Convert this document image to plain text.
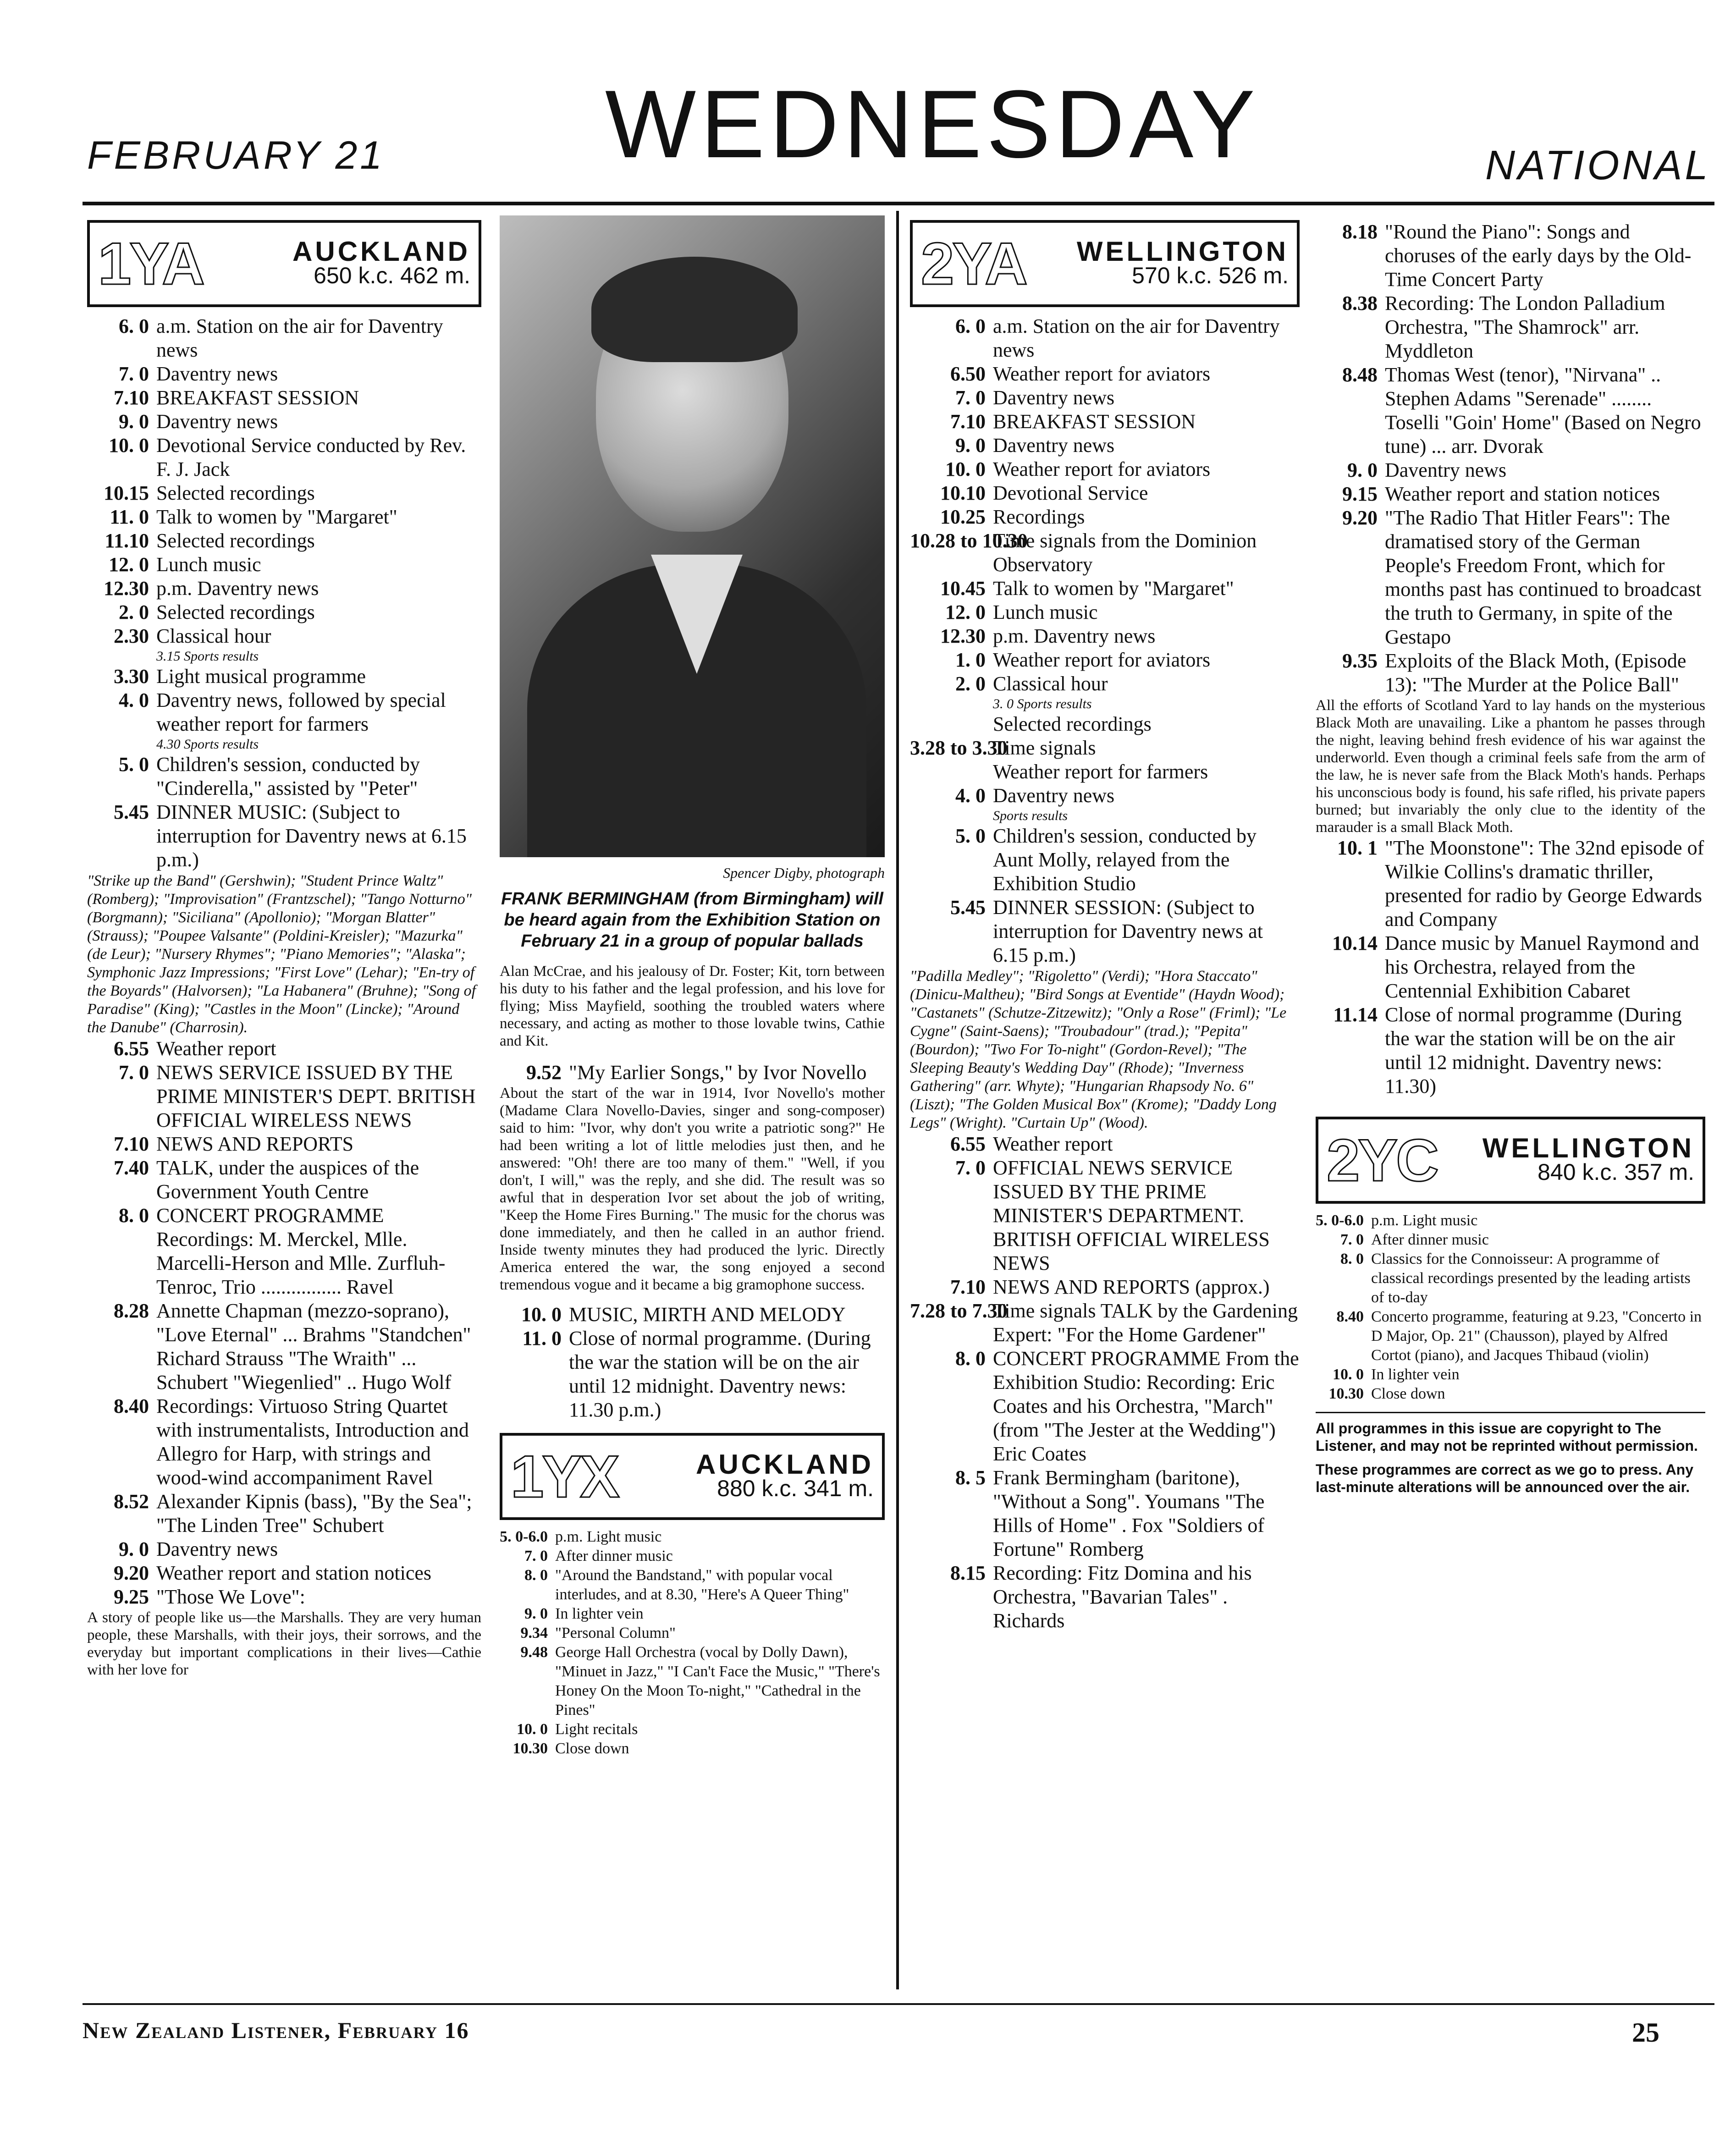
FEBRUARY 21 WEDNESDAY	NATIONAL
1YA	AUCKLAND
650 k.c. 462 m.
6. 0 a.m. Station on the air for Daventry news
7. 0 Daventry news
7.10 BREAKFAST SESSION
9. 0 Daventry news
10. 0 Devotional Service conducted by Rev. F. J. Jack
10.15 Selected recordings
11. 0 Talk to women by "Margaret"
11.10 Selected recordings
12. 0 Lunch music
12.30 p.m. Daventry news
2. 0 Selected recordings
2.30 Classical hour
3.15 Sports results
3.30 Light musical programme
4. 0 Daventry news, followed by special weather report for farmers
4.30 Sports results
5. 0 Children's session, conducted by "Cinderella," assisted by "Peter"
5.45 DINNER MUSIC: (Subject to interruption for Daventry news at 6.15 p.m.)
"Strike up the Band" (Gershwin); "Student Prince Waltz" (Romberg); "Improvisation" (Frantzschel); "Tango Notturno" (Borgmann); "Siciliana" (Apollonio); "Morgan Blatter" (Strauss); "Poupee Valsante" (Poldini-Kreisler); "Mazurka" (de Leur); "Nursery Rhymes"; "Piano Memories"; "Alaska"; Symphonic Jazz Impressions; "First Love" (Lehar); "En-try of the Boyards" (Halvorsen); "La Habanera" (Bruhne); "Song of Paradise" (King); "Castles in the Moon" (Lincke); "Around the Danube" (Charrosin).
6.55 Weather report
7. 0 NEWS SERVICE ISSUED BY THE PRIME MINISTER'S DEPT. BRITISH OFFICIAL WIRELESS NEWS
7.10 NEWS AND REPORTS
7.40 TALK, under the auspices of the Government Youth Centre
8. 0 CONCERT PROGRAMME Recordings: M. Merckel, Mlle. Marcelli-Herson and Mlle. Zurfluh-Tenroc, Trio ................ Ravel
8.28 Annette Chapman (mezzo-soprano), "Love Eternal" ... Brahms "Standchen" Richard Strauss "The Wraith" ... Schubert "Wiegenlied" .. Hugo Wolf
8.40 Recordings: Virtuoso String Quartet with instrumentalists, Introduction and Allegro for Harp, with strings and wood-wind accompaniment Ravel
8.52 Alexander Kipnis (bass), "By the Sea"; "The Linden Tree" Schubert
9. 0 Daventry news
9.20 Weather report and station notices
9.25 "Those We Love":
A story of people like us—the Marshalls. They are very human people, these Marshalls, with their joys, their sorrows, and the everyday but important complications in their lives—Cathie with her love for
Spencer Digby, photograph
FRANK BERMINGHAM (from Birmingham) will be heard again from the Exhibition Station on February 21 in a group of popular ballads
Alan McCrae, and his jealousy of Dr. Foster; Kit, torn between his duty to his father and the legal profession, and his love for flying; Miss Mayfield, soothing the troubled waters where necessary, and acting as mother to those lovable twins, Cathie and Kit.
9.52 "My Earlier Songs," by Ivor Novello
About the start of the war in 1914, Ivor Novello's mother (Madame Clara Novello-Davies, singer and song-composer) said to him: "Ivor, why don't you write a patriotic song?" He had been writing a lot of little melodies just then, and he answered: "Oh! there are too many of them." "Well, if you don't, I will," was the reply, and she did. The result was so awful that in desperation Ivor set about the job of writing, "Keep the Home Fires Burning." The music for the chorus was done immediately, and then he called in an author friend. Inside twenty minutes they had produced the lyric. Directly America entered the war, the song enjoyed a second tremendous vogue and it became a big gramophone success.
10. 0 MUSIC, MIRTH AND MELODY
11. 0 Close of normal programme. (During the war the station will be on the air until 12 midnight. Daventry news: 11.30 p.m.)
1YX	AUCKLAND
880 k.c. 341 m.
5. 0-6.0 p.m. Light music
7. 0 After dinner music
8. 0 "Around the Bandstand," with popular vocal interludes, and at 8.30, "Here's A Queer Thing"
9. 0 In lighter vein
9.34 "Personal Column"
9.48 George Hall Orchestra (vocal by Dolly Dawn), "Minuet in Jazz," "I Can't Face the Music," "There's Honey On the Moon To-night," "Cathedral in the Pines"
10. 0 Light recitals
10.30 Close down
2YA WELLINGTON
570 k.c. 526 m.
6. 0 a.m. Station on the air for Daventry news
6.50 Weather report for aviators
7. 0 Daventry news
7.10 BREAKFAST SESSION
9. 0 Daventry news
10. 0 Weather report for aviators
10.10 Devotional Service
10.25 Recordings
10.28 to 10.30
Time signals from the Dominion Observatory
10.45 Talk to women by "Margaret"
12. 0 Lunch music
12.30 p.m. Daventry news
1. 0 Weather report for aviators
2. 0 Classical hour
3. 0 Sports results
Selected recordings
3.28 to 3.30
Time signals
Weather report for farmers
4. 0 Daventry news
Sports results
5. 0 Children's session, conducted by Aunt Molly, relayed from the Exhibition Studio
5.45 DINNER SESSION: (Subject to interruption for Daventry news at 6.15 p.m.)
"Padilla Medley"; "Rigoletto" (Verdi); "Hora Staccato" (Dinicu-Maltheu); "Bird Songs at Eventide" (Haydn Wood); "Castanets" (Schutze-Zitzewitz); "Only a Rose" (Friml); "Le Cygne" (Saint-Saens); "Troubadour" (trad.); "Pepita" (Bourdon); "Two For To-night" (Gordon-Revel); "The Sleeping Beauty's Wedding Day" (Rhode); "Inverness Gathering" (arr. Whyte); "Hungarian Rhapsody No. 6" (Liszt); "The Golden Musical Box" (Krome); "Daddy Long Legs" (Wright). "Curtain Up" (Wood).
6.55 Weather report
7. 0 OFFICIAL NEWS SERVICE ISSUED BY THE PRIME MINISTER'S DEPARTMENT. BRITISH OFFICIAL WIRELESS NEWS
7.10 NEWS AND REPORTS (approx.)
7.28 to 7.30
Time signals TALK by the Gardening Expert: "For the Home Gardener"
8. 0 CONCERT PROGRAMME From the Exhibition Studio: Recording: Eric Coates and his Orchestra, "March" (from "The Jester at the Wedding") Eric Coates
8. 5 Frank Bermingham (baritone), "Without a Song". Youmans "The Hills of Home" . Fox "Soldiers of Fortune" Romberg
8.15 Recording: Fitz Domina and his Orchestra, "Bavarian Tales" . Richards
8.18 "Round the Piano": Songs and choruses of the early days by the Old-Time Concert Party
8.38 Recording: The London Palladium Orchestra, "The Shamrock" arr. Myddleton
8.48 Thomas West (tenor), "Nirvana" .. Stephen Adams "Serenade" ........ Toselli "Goin' Home" (Based on Negro tune) ... arr. Dvorak
9. 0 Daventry news
9.15 Weather report and station notices
9.20 "The Radio That Hitler Fears": The dramatised story of the German People's Freedom Front, which for months past has continued to broadcast the truth to Germany, in spite of the Gestapo
9.35 Exploits of the Black Moth, (Episode 13): "The Murder at the Police Ball"
All the efforts of Scotland Yard to lay hands on the mysterious Black Moth are unavailing. Like a phantom he passes through the night, leaving behind fresh evidence of his war against the underworld. Even though a criminal feels safe from the arm of the law, he is never safe from the Black Moth's hands. Perhaps his unconscious body is found, his safe rifled, his private papers burned; but invariably the only clue to the identity of the marauder is a small Black Moth.
10. 1 "The Moonstone": The 32nd episode of Wilkie Collins's dramatic thriller, presented for radio by George Edwards and Company
10.14 Dance music by Manuel Raymond and his Orchestra, relayed from the Centennial Exhibition Cabaret
11.14 Close of normal programme (During the war the station will be on the air until 12 midnight. Daventry news: 11.30)
2YC WELLINGTON
840 k.c. 357 m.
5. 0-6.0 p.m. Light music
7. 0 After dinner music
8. 0 Classics for the Connoisseur: A programme of classical recordings presented by the leading artists of to-day
8.40 Concerto programme, featuring at 9.23, "Concerto in D Major, Op. 21" (Chausson), played by Alfred Cortot (piano), and Jacques Thibaud (violin)
10. 0 In lighter vein
10.30 Close down
All programmes in this issue are copyright to The Listener, and may not be reprinted without permission.
These programmes are correct as we go to press. Any last-minute alterations will be announced over the air.
New Zealand Listener, February 16	25
